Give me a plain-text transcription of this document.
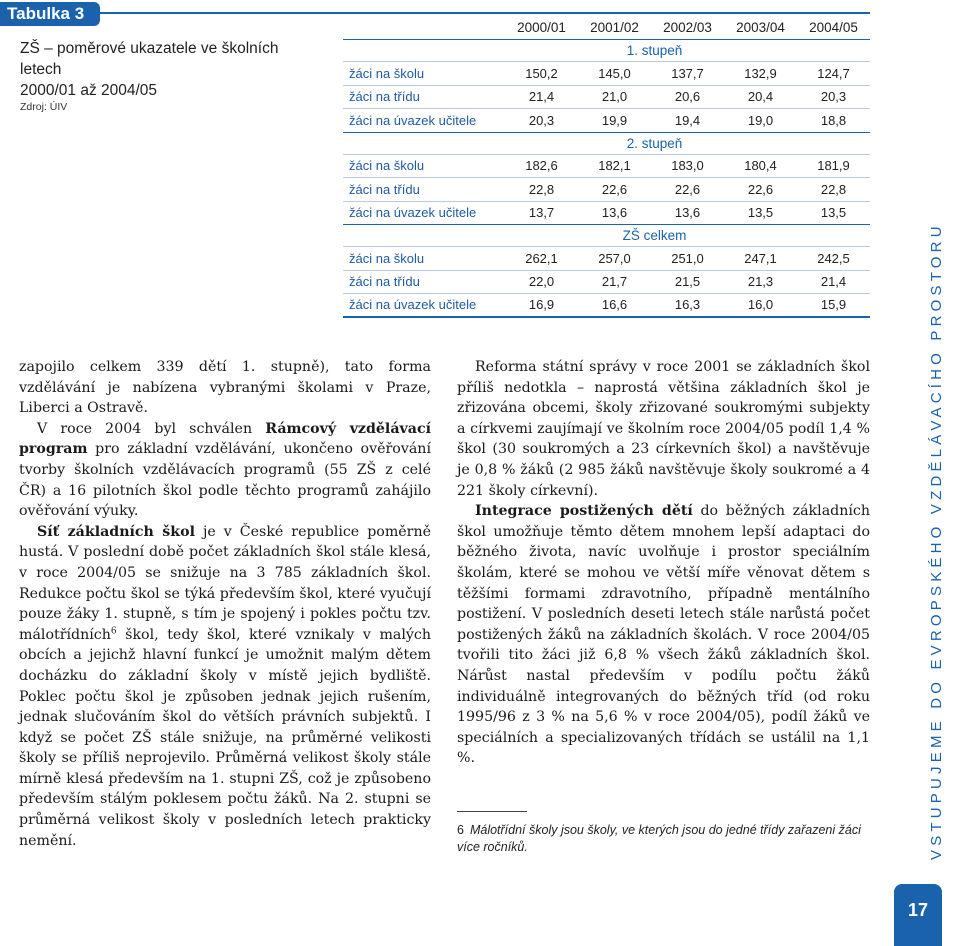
Tabulka 3
ZŠ – poměrové ukazatele ve školních letech
2000/01 až 2004/05
Zdroj: ÚIV
2000/01	2001/02	2002/03	2003/04	2004/05
1. stupeň
žáci na školu	150,2	145,0	137,7	132,9	124,7
žáci na třídu	21,4	21,0	20,6	20,4	20,3
žáci na úvazek učitele	20,3	19,9	19,4	19,0	18,8
2. stupeň
žáci na školu	182,6	182,1	183,0	180,4	181,9
žáci na třídu	22,8	22,6	22,6	22,6	22,8
žáci na úvazek učitele	13,7	13,6	13,6	13,5	13,5
ZŠ celkem
žáci na školu	262,1	257,0	251,0	247,1	242,5
žáci na třídu	22,0	21,7	21,5	21,3	21,4
žáci na úvazek učitele	16,9	16,6	16,3	16,0	15,9

zapojilo celkem 339 dětí 1. stupně), tato forma vzdělávání je nabízena vybranými školami v Praze, Liberci a Ostravě.

V roce 2004 byl schválen Rámcový vzdělávací program pro základní vzdělávání, ukončeno ověřování tvorby školních vzdělávacích programů (55 ZŠ z celé ČR) a 16 pilotních škol podle těchto programů zahájilo ověřování výuky.

Síť základních škol je v České republice poměrně hustá. V poslední době počet základních škol stále klesá, v roce 2004/05 se snižuje na 3 785 základních škol. Redukce počtu škol se týká především škol, které vyučují pouze žáky 1. stupně, s tím je spojený i pokles počtu tzv. málotřídních$^6$ škol, tedy škol, které vznikaly v malých obcích a jejichž hlavní funkcí je umožnit malým dětem docházku do základní školy v místě jejich bydliště. Poklес počtu škol je způsoben jednak jejich rušením, jednak slučováním škol do větších právních subjektů. I když se počet ZŠ stále snižuje, na průměrné velikosti školy se příliš neprojevilo. Průměrná velikost školy stále mírně klesá především na 1. stupni ZŠ, což je způsobeno především stálým poklesem počtu žáků. Na 2. stupni se průměrná velikost školy v posledních letech prakticky nemění.

Reforma státní správy v roce 2001 se základních škol příliš nedotkla – naprostá většina základních škol je zřizována obcemi, školy zřizované soukromými subjekty a církvemi zaujímají ve školním roce 2004/05 podíl 1,4 % škol (30 soukromých a 23 církevních škol) a navštěvuje je 0,8 % žáků (2 985 žáků navštěvuje školy soukromé a 4 221 školy církevní).

Integrace postižených dětí do běžných základních škol umožňuje těmto dětem mnohem lepší adaptaci do běžného života, navíc uvolňuje i prostor speciálním školám, které se mohou ve větší míře věnovat dětem s těžšími formami zdravotního, případně mentálního postižení. V posledních deseti letech stále narůstá počet postižených žáků na základních školách. V roce 2004/05 tvořili tito žáci již 6,8 % všech žáků základních škol. Nárůst nastal především v podílu počtu žáků individuálně integrovaných do běžných tříd (od roku 1995/96 z 3 % na 5,6 % v roce 2004/05), podíl žáků ve speciálních a specializovaných třídách se ustálil na 1,1 %.

6 Málotřídní školy jsou školy, ve kterých jsou do jedné třídy zařazeni žáci více ročníků.	VSTUPUJEME DO EVROPSKÉHO VZDĚLÁVACÍHO PROSTORU
17
